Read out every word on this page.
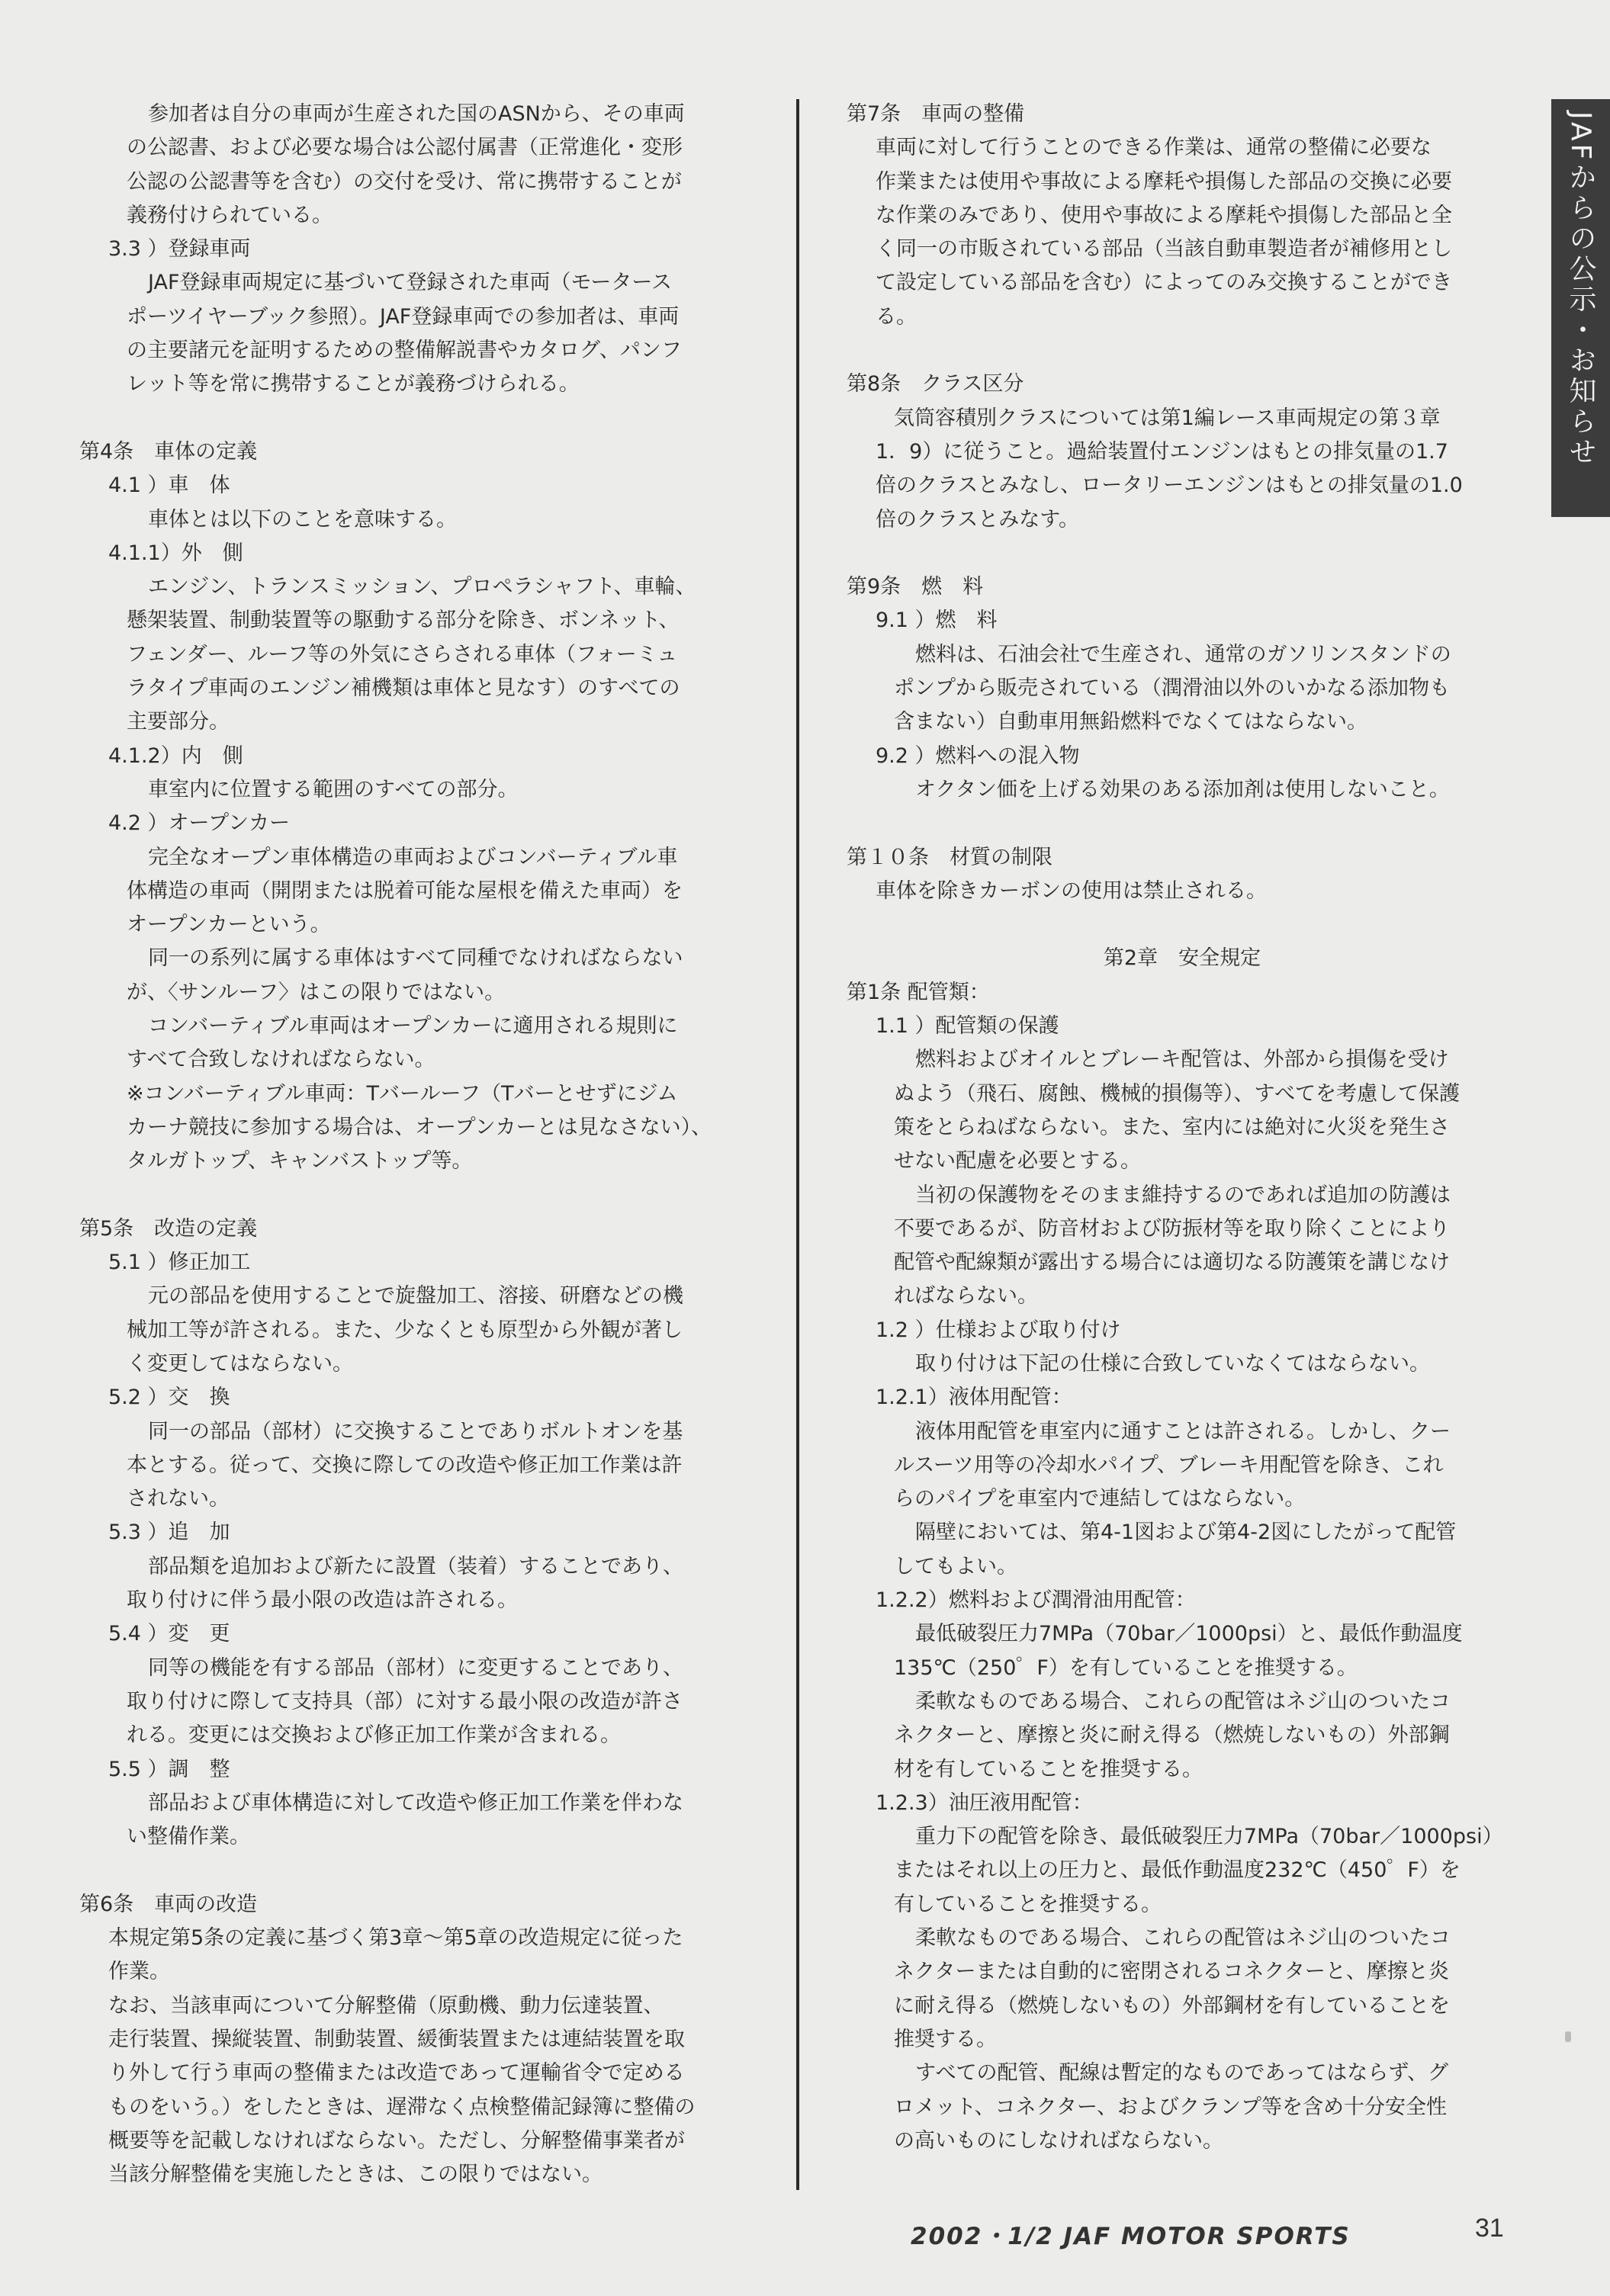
参加者は自分の車両が生産された国のASNから、その車両
の公認書、および必要な場合は公認付属書（正常進化・変形
公認の公認書等を含む）の交付を受け、常に携帯することが
義務付けられている。
3.3 ）登録車両
JAF登録車両規定に基づいて登録された車両（モータース
ポーツイヤーブック参照）。JAF登録車両での参加者は、車両
の主要諸元を証明するための整備解説書やカタログ、パンフ
レット等を常に携帯することが義務づけられる。
第4条　車体の定義
4.1 ）車　体
車体とは以下のことを意味する。
4.1.1）外　側
エンジン、トランスミッション、プロペラシャフト、車輪、
懸架装置、制動装置等の駆動する部分を除き、ボンネット、
フェンダー、ルーフ等の外気にさらされる車体（フォーミュ
ラタイプ車両のエンジン補機類は車体と見なす）のすべての
主要部分。
4.1.2）内　側
車室内に位置する範囲のすべての部分。
4.2 ）オープンカー
完全なオープン車体構造の車両およびコンバーティブル車
体構造の車両（開閉または脱着可能な屋根を備えた車両）を
オープンカーという。
同一の系列に属する車体はすべて同種でなければならない
が、〈サンルーフ〉はこの限りではない。
コンバーティブル車両はオープンカーに適用される規則に
すべて合致しなければならない。
※コンバーティブル車両：Tバールーフ（Tバーとせずにジム
カーナ競技に参加する場合は、オープンカーとは見なさない）、
タルガトップ、キャンバストップ等。
第5条　改造の定義
5.1 ）修正加工
元の部品を使用することで旋盤加工、溶接、研磨などの機
械加工等が許される。また、少なくとも原型から外観が著し
く変更してはならない。
5.2 ）交　換
同一の部品（部材）に交換することでありボルトオンを基
本とする。従って、交換に際しての改造や修正加工作業は許
されない。
5.3 ）追　加
部品類を追加および新たに設置（装着）することであり、
取り付けに伴う最小限の改造は許される。
5.4 ）変　更
同等の機能を有する部品（部材）に変更することであり、
取り付けに際して支持具（部）に対する最小限の改造が許さ
れる。変更には交換および修正加工作業が含まれる。
5.5 ）調　整
部品および車体構造に対して改造や修正加工作業を伴わな
い整備作業。
第6条　車両の改造
本規定第5条の定義に基づく第3章〜第5章の改造規定に従った
作業。
なお、当該車両について分解整備（原動機、動力伝達装置、
走行装置、操縦装置、制動装置、緩衝装置または連結装置を取
り外して行う車両の整備または改造であって運輸省令で定める
ものをいう。）をしたときは、遅滞なく点検整備記録簿に整備の
概要等を記載しなければならない。ただし、分解整備事業者が
当該分解整備を実施したときは、この限りではない。
第7条　車両の整備
車両に対して行うことのできる作業は、通常の整備に必要な
作業または使用や事故による摩耗や損傷した部品の交換に必要
な作業のみであり、使用や事故による摩耗や損傷した部品と全
く同一の市販されている部品（当該自動車製造者が補修用とし
て設定している部品を含む）によってのみ交換することができ
る。
第8条　クラス区分
気筒容積別クラスについては第1編レース車両規定の第３章
1．9）に従うこと。過給装置付エンジンはもとの排気量の1.7
倍のクラスとみなし、ロータリーエンジンはもとの排気量の1.0
倍のクラスとみなす。
第9条　燃　料
9.1 ）燃　料
燃料は、石油会社で生産され、通常のガソリンスタンドの
ポンプから販売されている（潤滑油以外のいかなる添加物も
含まない）自動車用無鉛燃料でなくてはならない。
9.2 ）燃料への混入物
オクタン価を上げる効果のある添加剤は使用しないこと。
第１０条　材質の制限
車体を除きカーボンの使用は禁止される。
第2章　安全規定
第1条 配管類：
1.1 ）配管類の保護
燃料およびオイルとブレーキ配管は、外部から損傷を受け
ぬよう（飛石、腐蝕、機械的損傷等）、すべてを考慮して保護
策をとらねばならない。また、室内には絶対に火災を発生さ
せない配慮を必要とする。
当初の保護物をそのまま維持するのであれば追加の防護は
不要であるが、防音材および防振材等を取り除くことにより
配管や配線類が露出する場合には適切なる防護策を講じなけ
ればならない。
1.2 ）仕様および取り付け
取り付けは下記の仕様に合致していなくてはならない。
1.2.1）液体用配管：
液体用配管を車室内に通すことは許される。しかし、クー
ルスーツ用等の冷却水パイプ、ブレーキ用配管を除き、これ
らのパイプを車室内で連結してはならない。
隔壁においては、第4-1図および第4-2図にしたがって配管
してもよい。
1.2.2）燃料および潤滑油用配管：
最低破裂圧力7MPa（70bar／1000psi）と、最低作動温度
135℃（250゜F）を有していることを推奨する。
柔軟なものである場合、これらの配管はネジ山のついたコ
ネクターと、摩擦と炎に耐え得る（燃焼しないもの）外部鋼
材を有していることを推奨する。
1.2.3）油圧液用配管：
重力下の配管を除き、最低破裂圧力7MPa（70bar／1000psi）
またはそれ以上の圧力と、最低作動温度232℃（450゜F）を
有していることを推奨する。
柔軟なものである場合、これらの配管はネジ山のついたコ
ネクターまたは自動的に密閉されるコネクターと、摩擦と炎
に耐え得る（燃焼しないもの）外部鋼材を有していることを
推奨する。
すべての配管、配線は暫定的なものであってはならず、グ
ロメット、コネクター、およびクランプ等を含め十分安全性
の高いものにしなければならない。
JAFからの公示・お知らせ
2002・1/2 JAF MOTOR SPORTS	31
